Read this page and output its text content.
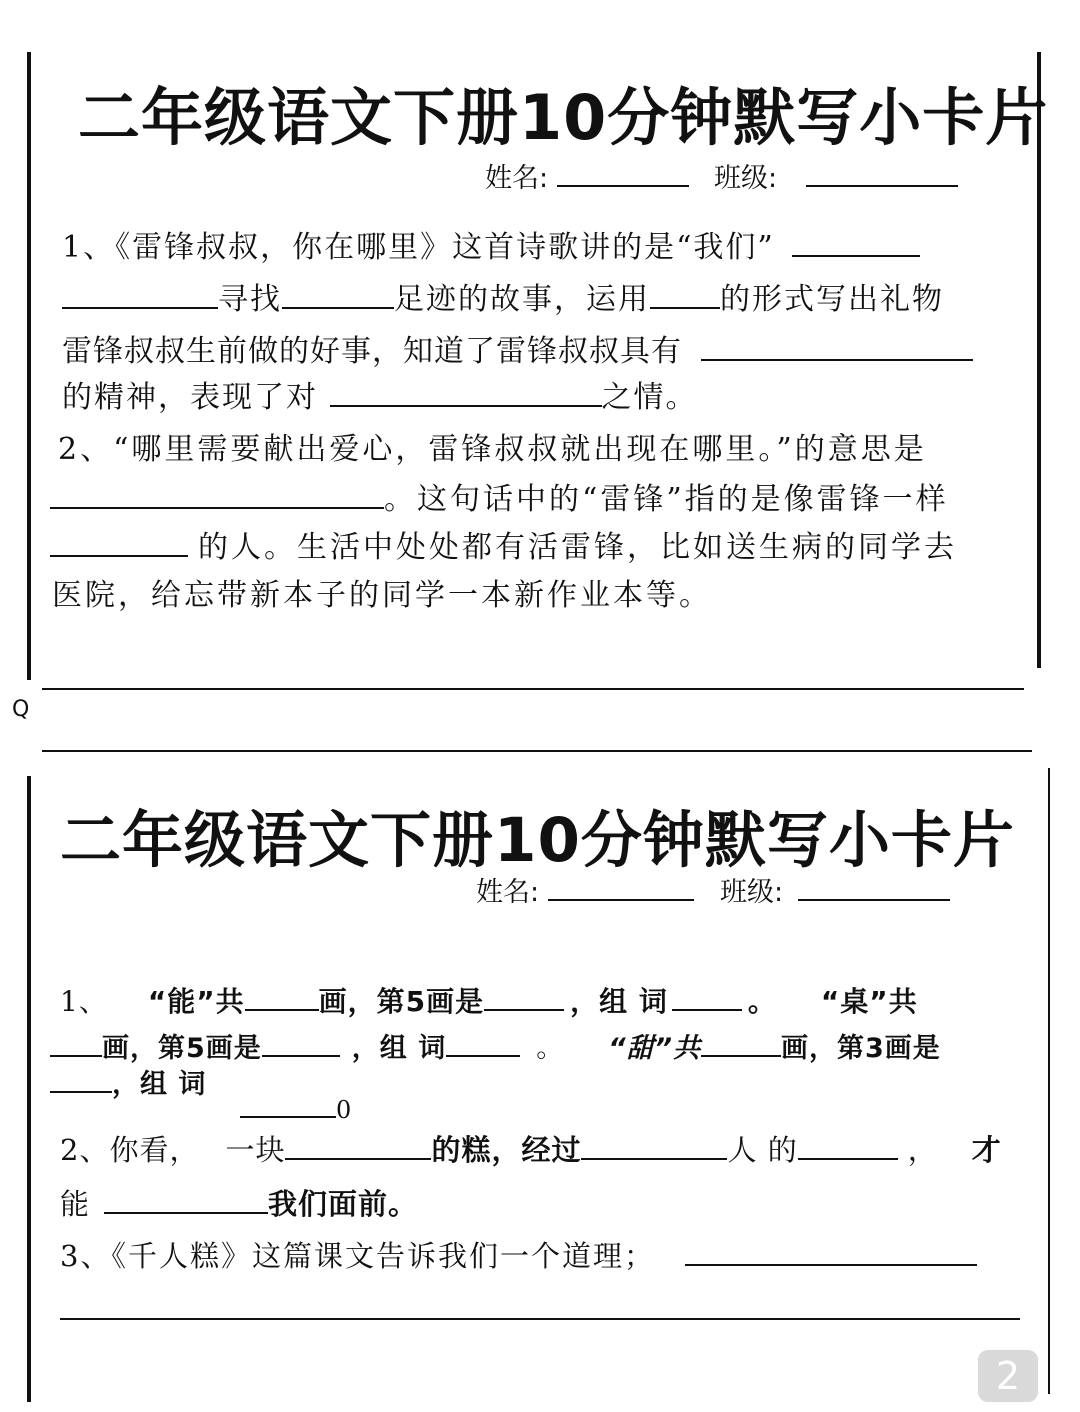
二年级语文下册10分钟默写小卡片
姓名:	班级:
1、《雷锋叔叔，你在哪里》这首诗歌讲的是“我们”
寻找	足迹的故事，运用 的形式写出礼物
雷锋叔叔生前做的好事，知道了雷锋叔叔具有
的精神，表现了对	之情。
2、“哪里需要献出爱心，雷锋叔叔就出现在哪里。”的意思是
。这句话中的“雷锋”指的是像雷锋一样
的人。生活中处处都有活雷锋，比如送生病的同学去
医院，给忘带新本子的同学一本新作业本等。
Q
二年级语文下册10分钟默写小卡片
姓名:	班级:
1、 “能”共	画，第5画是	，组 词	。 “桌”共
画，第5画是	，组 词	。 “甜”共	画，第3画是
，组 词
0
2、你看， 一块	的糕，经过	人 的	， 才
能	我们面前。
3、《千人糕》这篇课文告诉我们一个道理；
2
